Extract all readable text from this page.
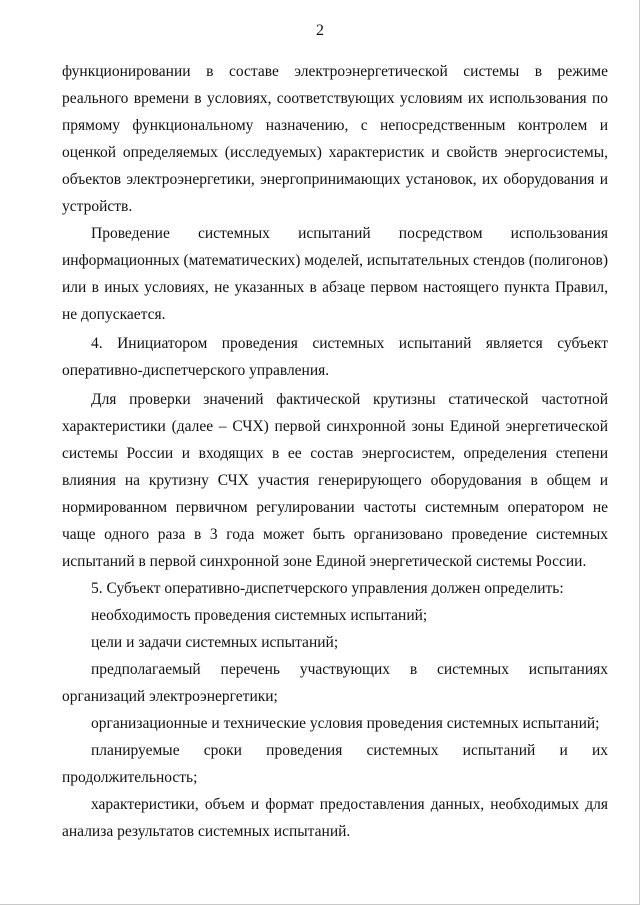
2

функционировании в составе электроэнергетической системы в режиме реального времени в условиях, соответствующих условиям их использования по прямому функциональному назначению, с непосредственным контролем и оценкой определяемых (исследуемых) характеристик и свойств энергосистемы, объектов электроэнергетики, энергопринимающих установок, их оборудования и устройств.

Проведение системных испытаний посредством использования информационных (математических) моделей, испытательных стендов (полигонов) или в иных условиях, не указанных в абзаце первом настоящего пункта Правил, не допускается.

4. Инициатором проведения системных испытаний является субъект оперативно-диспетчерского управления.

Для проверки значений фактической крутизны статической частотной характеристики (далее – СЧХ) первой синхронной зоны Единой энергетической системы России и входящих в ее состав энергосистем, определения степени влияния на крутизну СЧХ участия генерирующего оборудования в общем и нормированном первичном регулировании частоты системным оператором не чаще одного раза в 3 года может быть организовано проведение системных испытаний в первой синхронной зоне Единой энергетической системы России.

5. Субъект оперативно-диспетчерского управления должен определить:

необходимость проведения системных испытаний;

цели и задачи системных испытаний;

предполагаемый перечень участвующих в системных испытаниях организаций электроэнергетики;

организационные и технические условия проведения системных испытаний;

планируемые сроки проведения системных испытаний и их продолжительность;

характеристики, объем и формат предоставления данных, необходимых для анализа результатов системных испытаний.
